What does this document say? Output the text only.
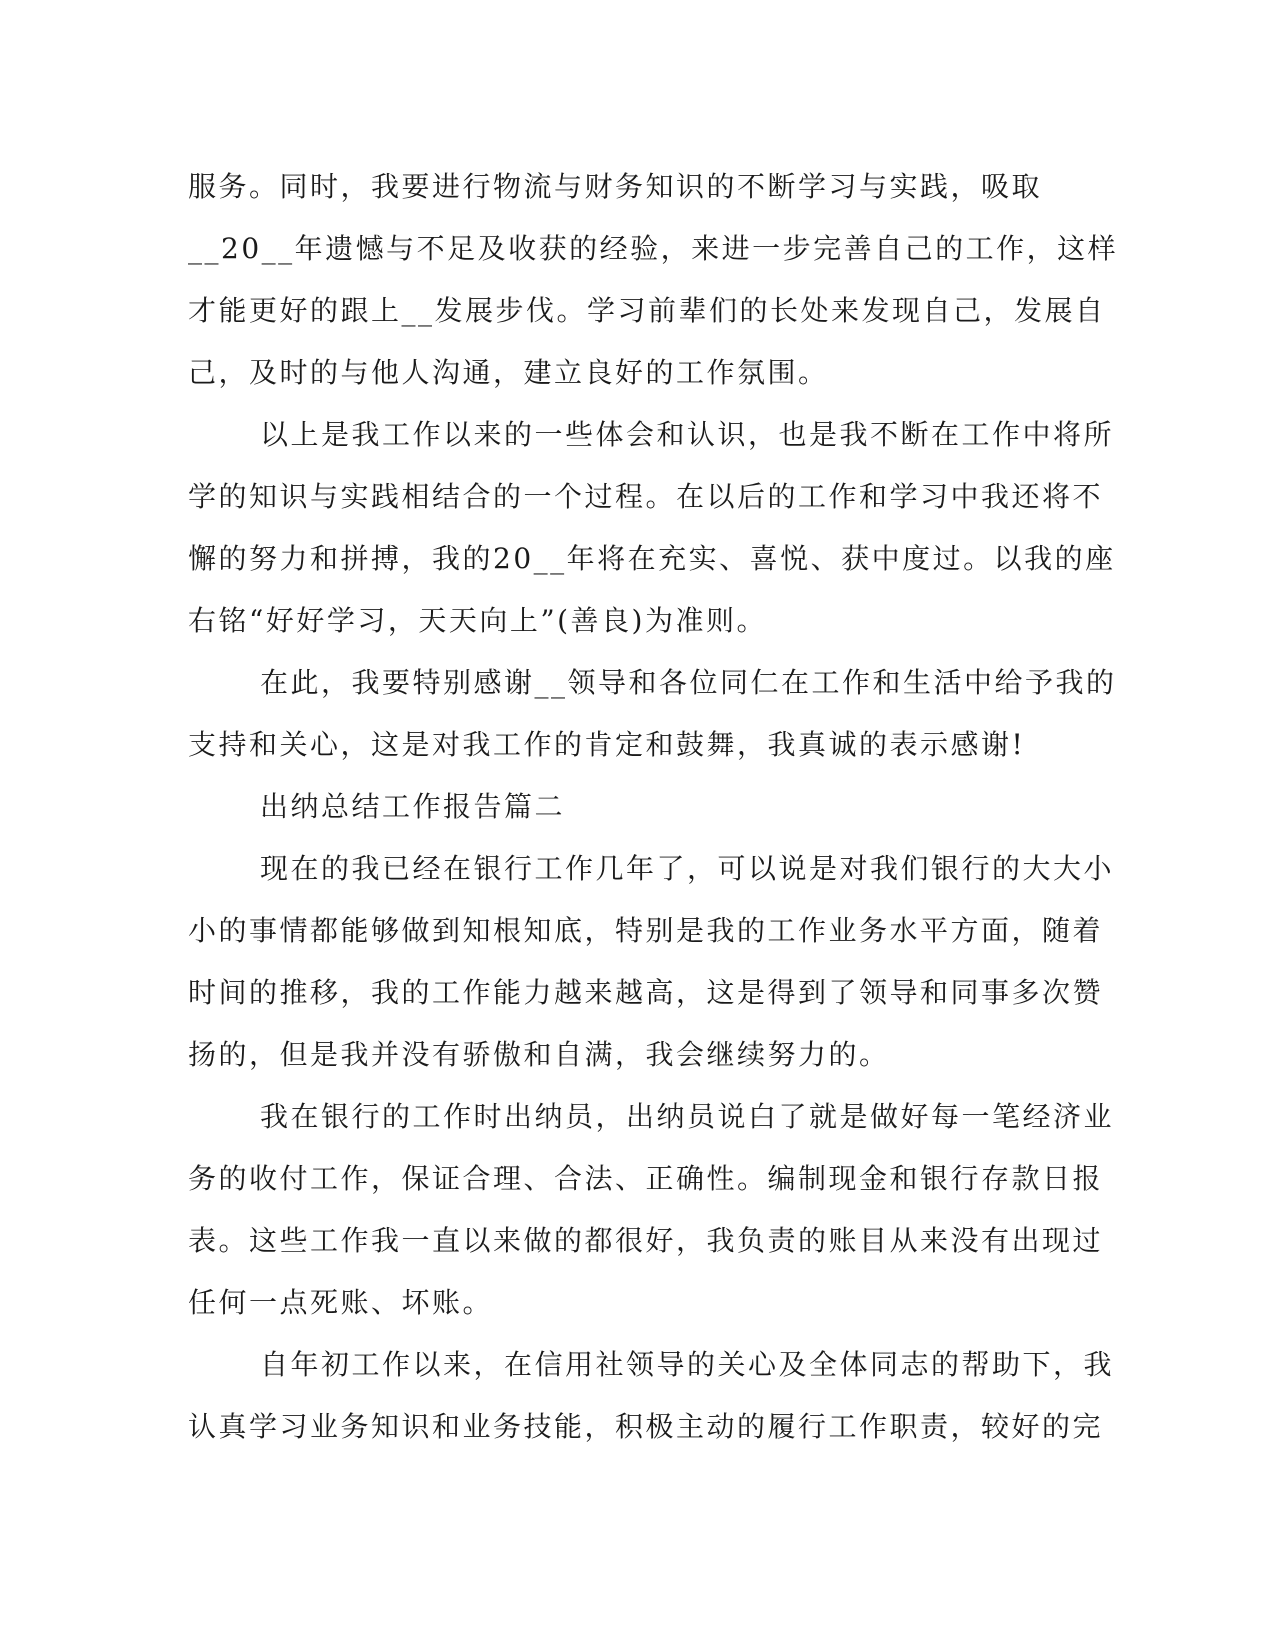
服务。同时，我要进行物流与财务知识的不断学习与实践，吸取
__20__年遗憾与不足及收获的经验，来进一步完善自己的工作，这样
才能更好的跟上__发展步伐。学习前辈们的长处来发现自己，发展自
己，及时的与他人沟通，建立良好的工作氛围。
以上是我工作以来的一些体会和认识，也是我不断在工作中将所
学的知识与实践相结合的一个过程。在以后的工作和学习中我还将不
懈的努力和拼搏，我的20__年将在充实、喜悦、获中度过。以我的座
右铭“好好学习，天天向上”(善良)为准则。
在此，我要特别感谢__领导和各位同仁在工作和生活中给予我的
支持和关心，这是对我工作的肯定和鼓舞，我真诚的表示感谢!
出纳总结工作报告篇二
现在的我已经在银行工作几年了，可以说是对我们银行的大大小
小的事情都能够做到知根知底，特别是我的工作业务水平方面，随着
时间的推移，我的工作能力越来越高，这是得到了领导和同事多次赞
扬的，但是我并没有骄傲和自满，我会继续努力的。
我在银行的工作时出纳员，出纳员说白了就是做好每一笔经济业
务的收付工作，保证合理、合法、正确性。编制现金和银行存款日报
表。这些工作我一直以来做的都很好，我负责的账目从来没有出现过
任何一点死账、坏账。
自年初工作以来，在信用社领导的关心及全体同志的帮助下，我
认真学习业务知识和业务技能，积极主动的履行工作职责，较好的完
